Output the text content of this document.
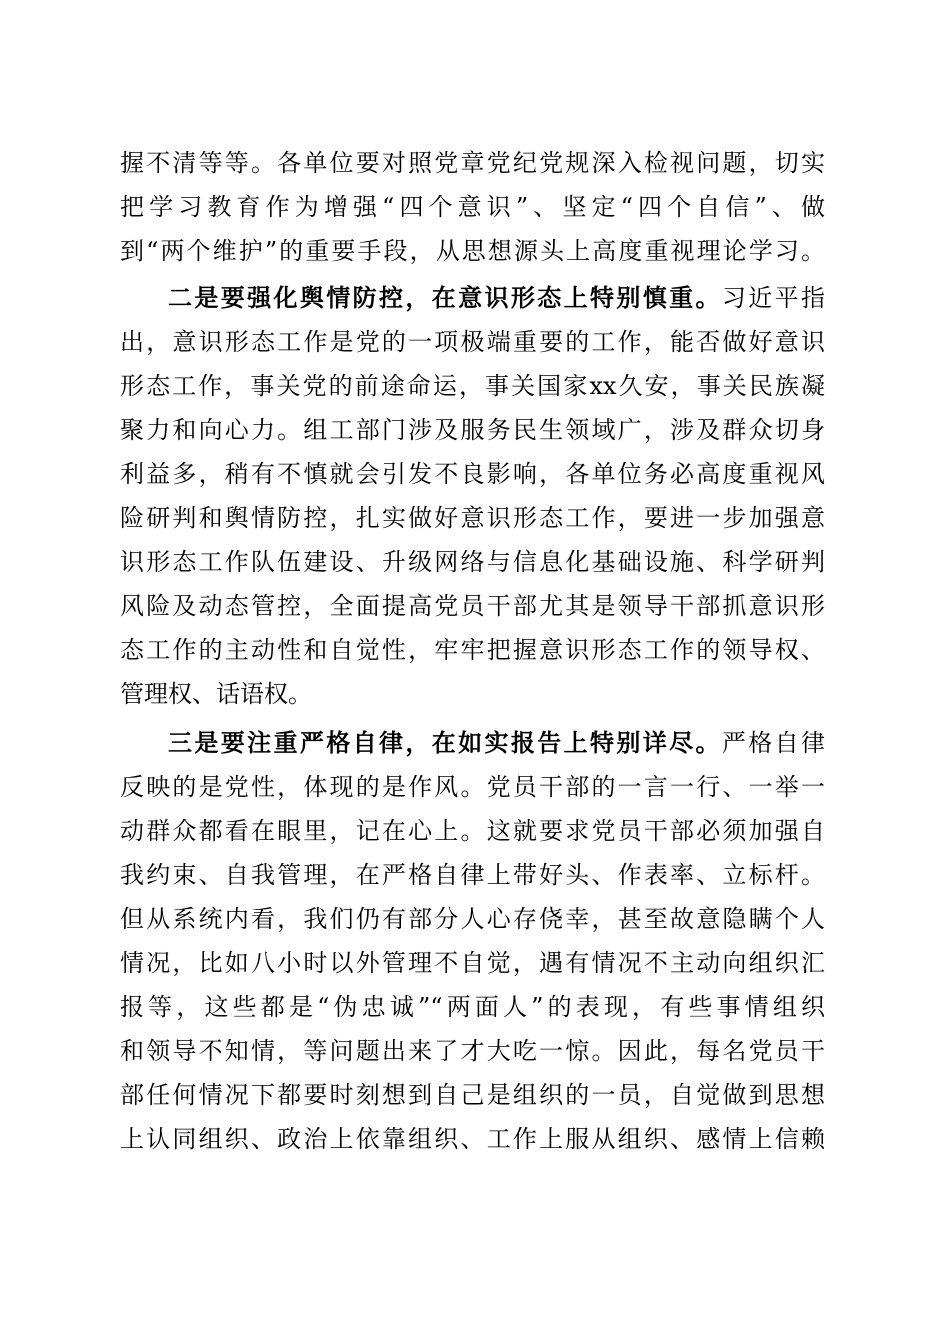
握不清等等。各单位要对照党章党纪党规深入检视问题，切实
把学习教育作为增强“四个意识”、坚定“四个自信”、做
到“两个维护”的重要手段，从思想源头上高度重视理论学习。
二是要强化舆情防控，在意识形态上特别慎重。习近平指
出，意识形态工作是党的一项极端重要的工作，能否做好意识
形态工作，事关党的前途命运，事关国家xx久安，事关民族凝
聚力和向心力。组工部门涉及服务民生领域广，涉及群众切身
利益多，稍有不慎就会引发不良影响，各单位务必高度重视风
险研判和舆情防控，扎实做好意识形态工作，要进一步加强意
识形态工作队伍建设、升级网络与信息化基础设施、科学研判
风险及动态管控，全面提高党员干部尤其是领导干部抓意识形
态工作的主动性和自觉性，牢牢把握意识形态工作的领导权、
管理权、话语权。
三是要注重严格自律，在如实报告上特别详尽。严格自律
反映的是党性，体现的是作风。党员干部的一言一行、一举一
动群众都看在眼里，记在心上。这就要求党员干部必须加强自
我约束、自我管理，在严格自律上带好头、作表率、立标杆。
但从系统内看，我们仍有部分人心存侥幸，甚至故意隐瞒个人
情况，比如八小时以外管理不自觉，遇有情况不主动向组织汇
报等，这些都是“伪忠诚”“两面人”的表现，有些事情组织
和领导不知情，等问题出来了才大吃一惊。因此，每名党员干
部任何情况下都要时刻想到自己是组织的一员，自觉做到思想
上认同组织、政治上依靠组织、工作上服从组织、感情上信赖
